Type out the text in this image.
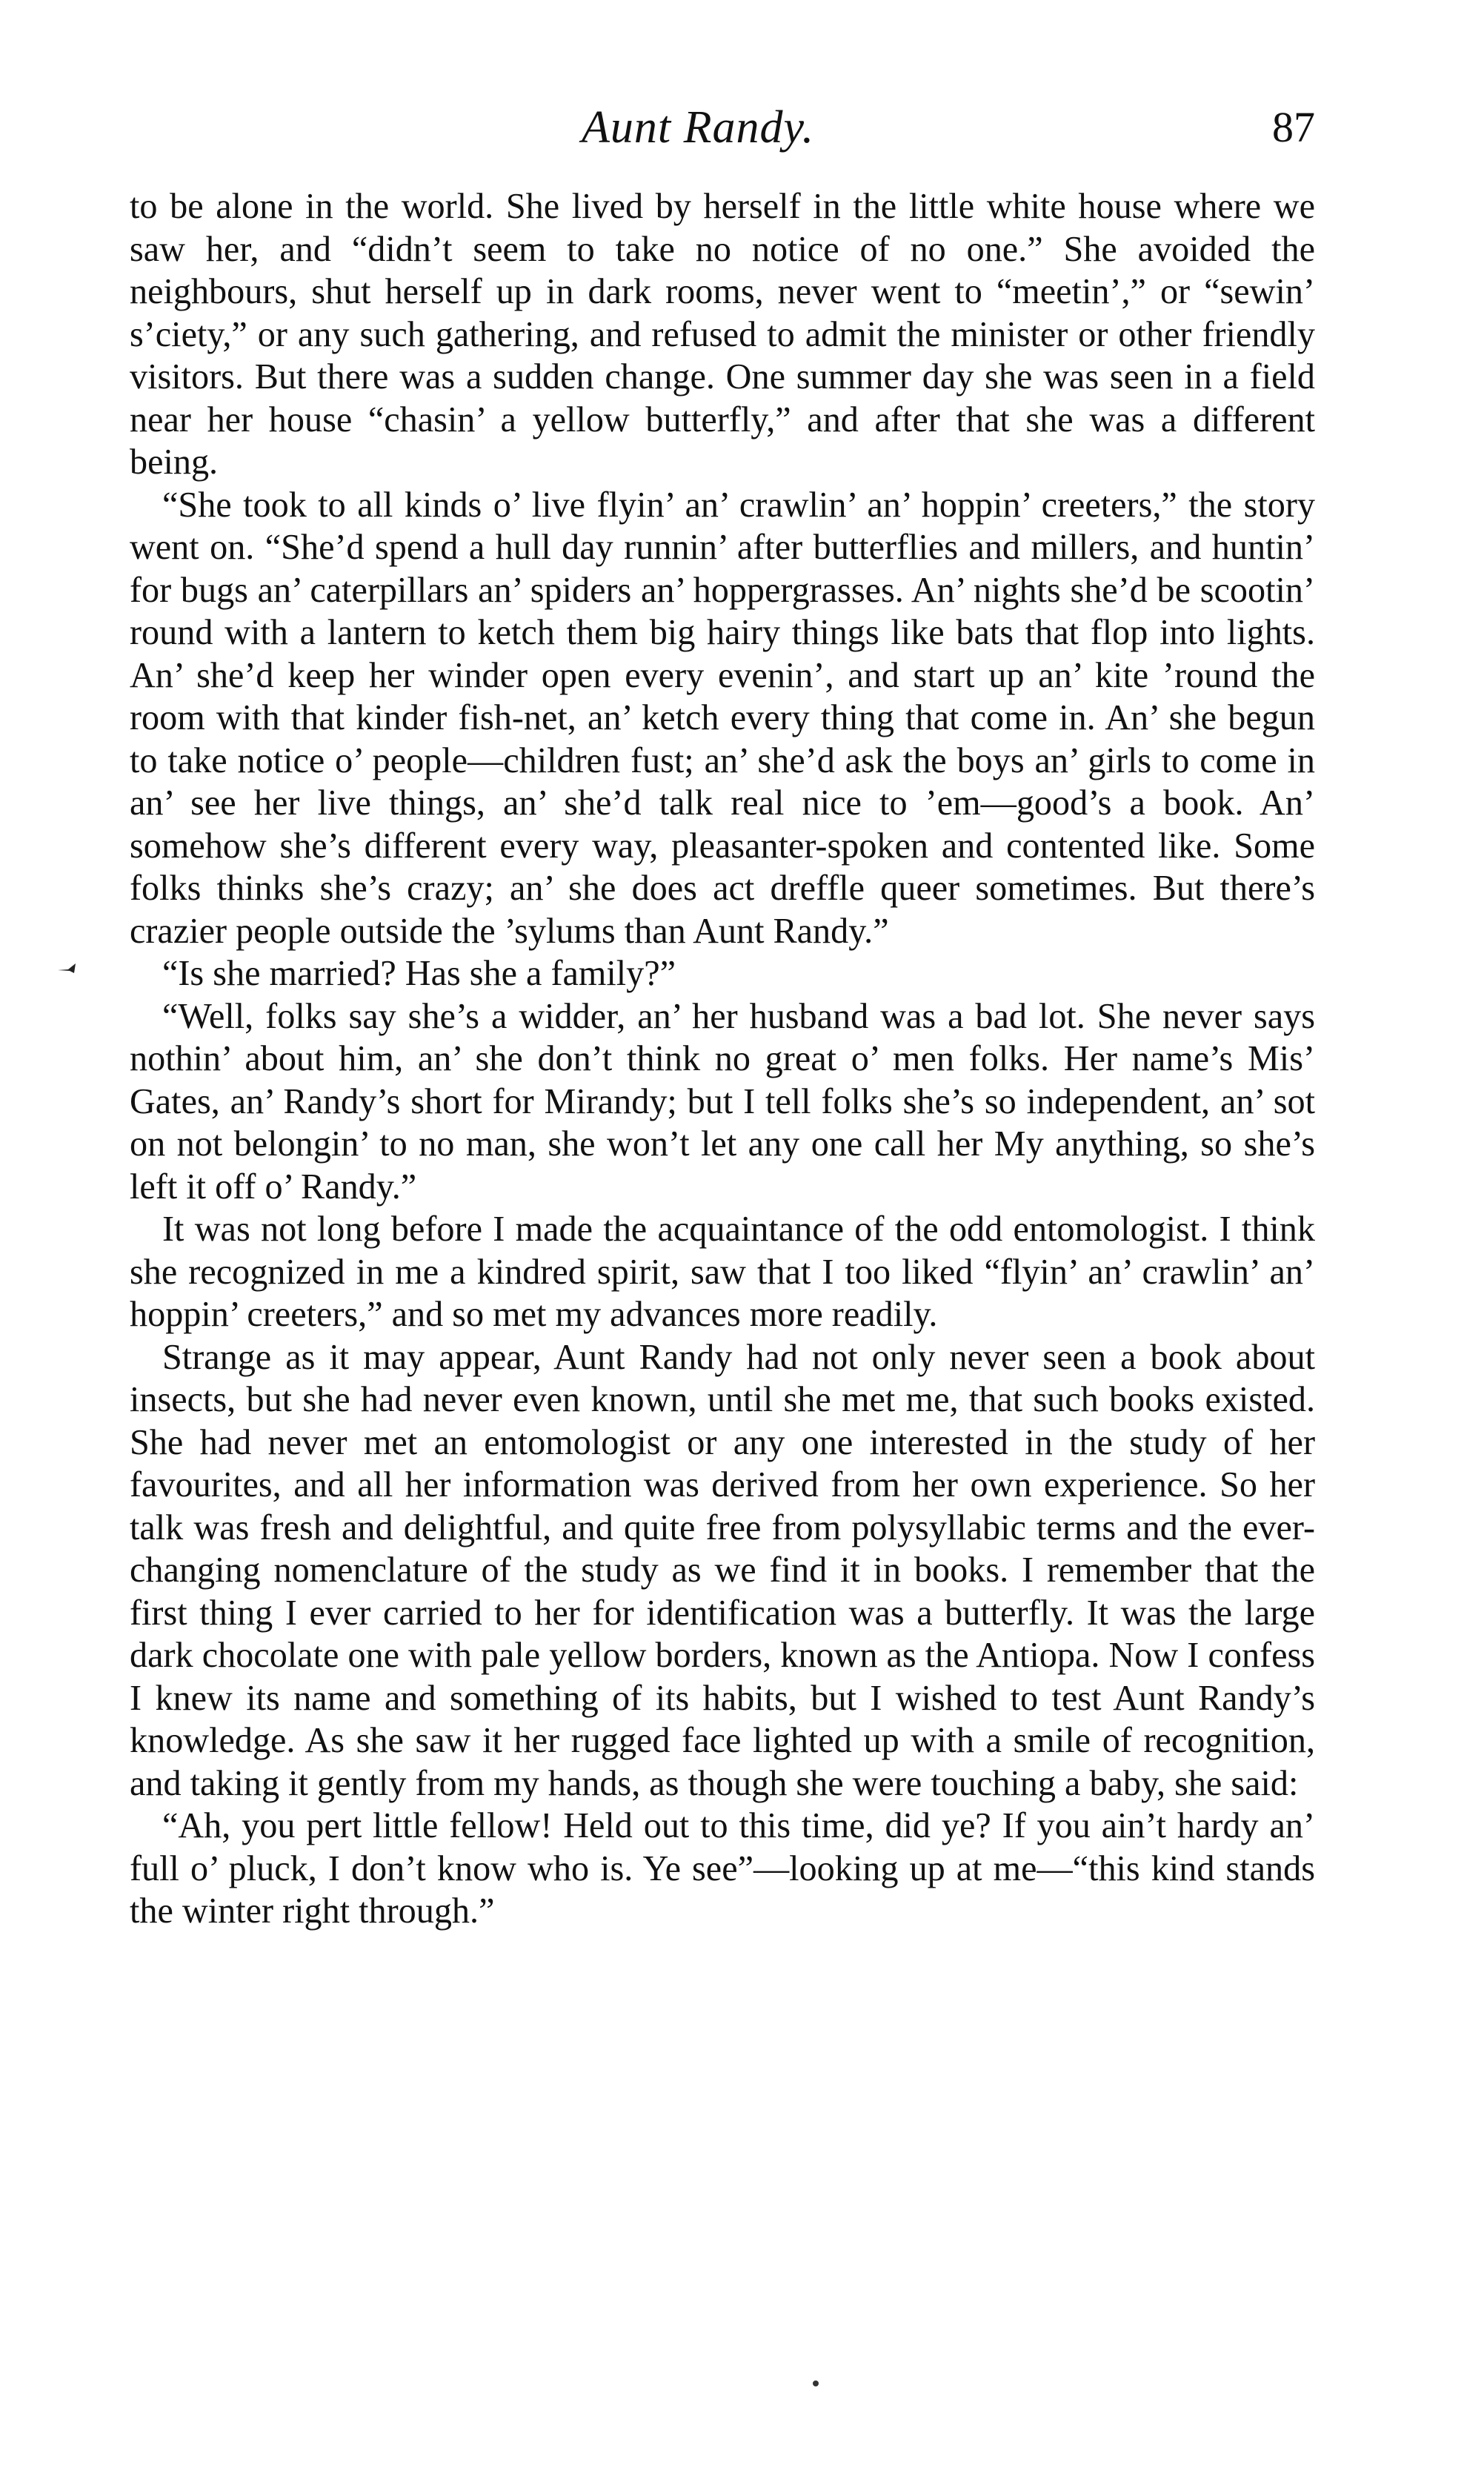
Aunt Randy.	87

to be alone in the world. She lived by herself in the little white house where we saw her, and “didn’t seem to take no notice of no one.” She avoided the neighbours, shut herself up in dark rooms, never went to “meetin’,” or “sewin’ s’ciety,” or any such gathering, and refused to admit the minister or other friendly visitors. But there was a sudden change. One summer day she was seen in a field near her house “chasin’ a yellow butterfly,” and after that she was a different being.

“She took to all kinds o’ live flyin’ an’ crawlin’ an’ hoppin’ creeters,” the story went on. “She’d spend a hull day runnin’ after butterflies and millers, and huntin’ for bugs an’ caterpillars an’ spiders an’ hoppergrasses. An’ nights she’d be scootin’ round with a lantern to ketch them big hairy things like bats that flop into lights. An’ she’d keep her winder open every evenin’, and start up an’ kite ’round the room with that kinder fish-net, an’ ketch every thing that come in. An’ she begun to take notice o’ people—children fust; an’ she’d ask the boys an’ girls to come in an’ see her live things, an’ she’d talk real nice to ’em—good’s a book. An’ somehow she’s different every way, pleasanter-spoken and contented like. Some folks thinks she’s crazy; an’ she does act dreffle queer sometimes. But there’s crazier people outside the ’sylums than Aunt Randy.”

“Is she married? Has she a family?”

“Well, folks say she’s a widder, an’ her husband was a bad lot. She never says nothin’ about him, an’ she don’t think no great o’ men folks. Her name’s Mis’ Gates, an’ Randy’s short for Mirandy; but I tell folks she’s so independent, an’ sot on not belongin’ to no man, she won’t let any one call her My anything, so she’s left it off o’ Randy.”

It was not long before I made the acquaintance of the odd entomologist. I think she recognized in me a kindred spirit, saw that I too liked “flyin’ an’ crawlin’ an’ hoppin’ creeters,” and so met my advances more readily.

Strange as it may appear, Aunt Randy had not only never seen a book about insects, but she had never even known, until she met me, that such books existed. She had never met an entomologist or any one interested in the study of her favourites, and all her information was derived from her own experience. So her talk was fresh and delightful, and quite free from polysyllabic terms and the ever-changing nomenclature of the study as we find it in books. I remember that the first thing I ever carried to her for identification was a butterfly. It was the large dark chocolate one with pale yellow borders, known as the Antiopa. Now I confess I knew its name and something of its habits, but I wished to test Aunt Randy’s knowledge. As she saw it her rugged face lighted up with a smile of recognition, and taking it gently from my hands, as though she were touching a baby, she said:

“Ah, you pert little fellow! Held out to this time, did ye? If you ain’t hardy an’ full o’ pluck, I don’t know who is. Ye see”—looking up at me—“this kind stands the winter right through.”
